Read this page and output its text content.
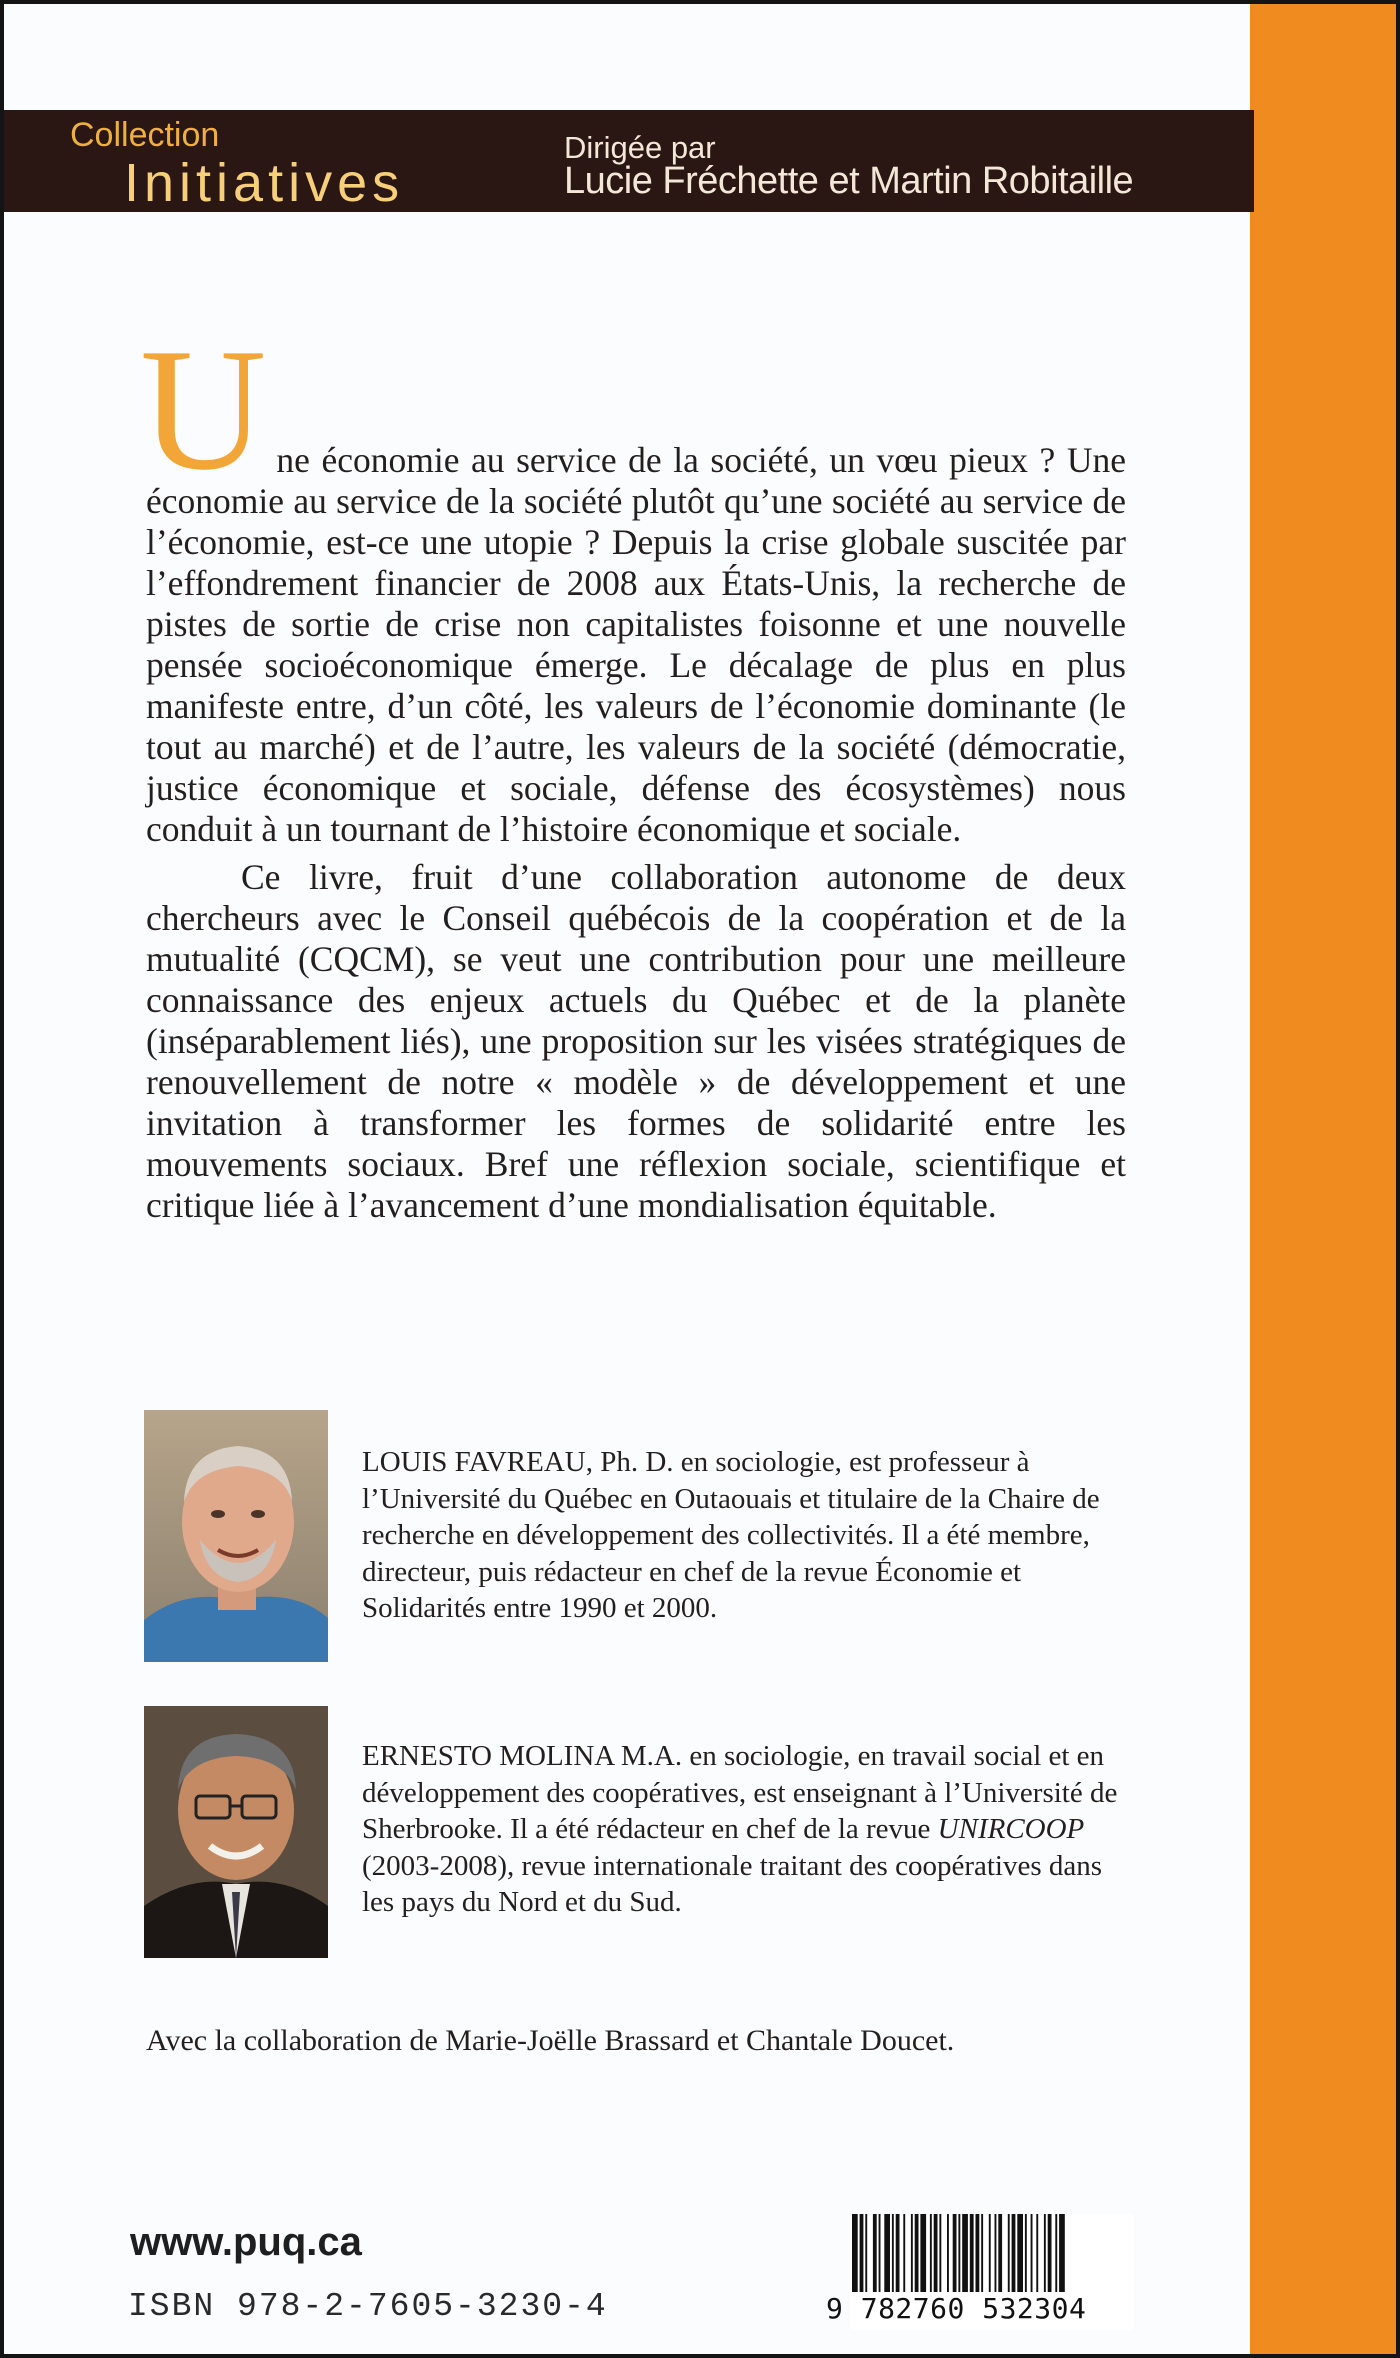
Collection
Initiatives
Dirigée par
Lucie Fréchette et Martin Robitaille

Une économie au service de la société, un vœu pieux ? Une économie au service de la société plutôt qu’une société au service de l’économie, est-ce une utopie ? Depuis la crise globale suscitée par l’effondrement financier de 2008 aux États-Unis, la recherche de pistes de sortie de crise non capitalistes foisonne et une nouvelle pensée socioéconomique émerge. Le décalage de plus en plus manifeste entre, d’un côté, les valeurs de l’économie dominante (le tout au marché) et de l’autre, les valeurs de la société (démocratie, justice économique et sociale, défense des écosystèmes) nous conduit à un tournant de l’histoire économique et sociale.

Ce livre, fruit d’une collaboration autonome de deux chercheurs avec le Conseil québécois de la coopération et de la mutualité (CQCM), se veut une contribution pour une meilleure connaissance des enjeux actuels du Québec et de la planète (inséparablement liés), une proposition sur les visées stratégiques de renouvellement de notre « modèle » de développement et une invitation à transformer les formes de solidarité entre les mouvements sociaux. Bref une réflexion sociale, scientifique et critique liée à l’avancement d’une mondialisation équitable.

LOUIS FAVREAU, Ph. D. en sociologie, est professeur à l’Université du Québec en Outaouais et titulaire de la Chaire de recherche en développement des collectivités. Il a été membre, directeur, puis rédacteur en chef de la revue Économie et Solidarités entre 1990 et 2000.

ERNESTO MOLINA M.A. en sociologie, en travail social et en développement des coopératives, est enseignant à l’Université de Sherbrooke. Il a été rédacteur en chef de la revue UNIRCOOP (2003-2008), revue internationale traitant des coopératives dans les pays du Nord et du Sud.

Avec la collaboration de Marie-Joëlle Brassard et Chantale Doucet.
www.puq.ca
ISBN 978-2-7605-3230-4	9 782760 532304
